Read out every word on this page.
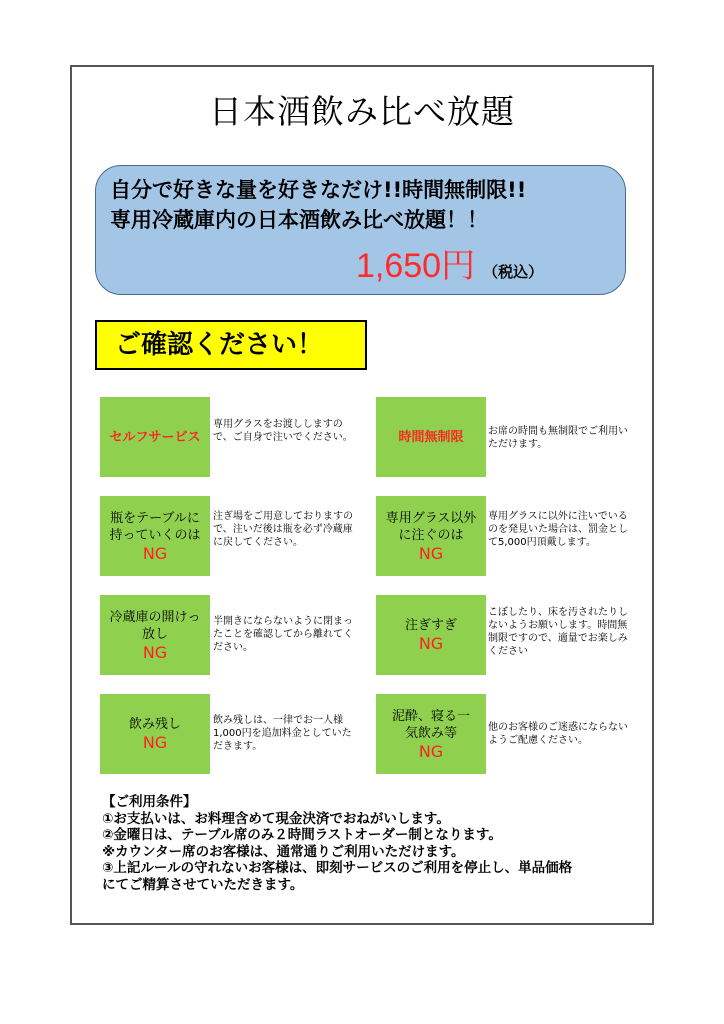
日本酒飲み比べ放題
自分で好きな量を好きなだけ!!時間無制限!!
専用冷蔵庫内の日本酒飲み比べ放題！！
1,650円 （税込）
ご確認ください！
セルフサービス
専用グラスをお渡ししますので、ご自身で注いでください。	時間無制限 お席の時間も無制限でご利用いただけます。
瓶をテーブルに持っていくのは
NG
注ぎ場をご用意しておりますので、注いだ後は瓶を必ず冷蔵庫に戻してください。
専用グラス以外に注ぐのは
NG
専用グラスに以外に注いでいるのを発見いた場合は、罰金として5,000円頂戴します。
冷蔵庫の開けっ放し
NG
半開きにならないように閉まったことを確認してから離れてください。
注ぎすぎ
NG
こぼしたり、床を汚されたりしないようお願いします。時間無制限ですので、適量でお楽しみください
飲み残し
NG
飲み残しは、一律でお一人様1,000円を追加料金としていただきます。
泥酔、寝る一気飲み等
NG
他のお客様のご迷惑にならないようご配慮ください。
【ご利用条件】
①お支払いは、お料理含めて現金決済でおねがいします。
②金曜日は、テーブル席のみ２時間ラストオーダー制となります。
※カウンター席のお客様は、通常通りご利用いただけます。
③上記ルールの守れないお客様は、即刻サービスのご利用を停止し、単品価格
にてご精算させていただきます。
